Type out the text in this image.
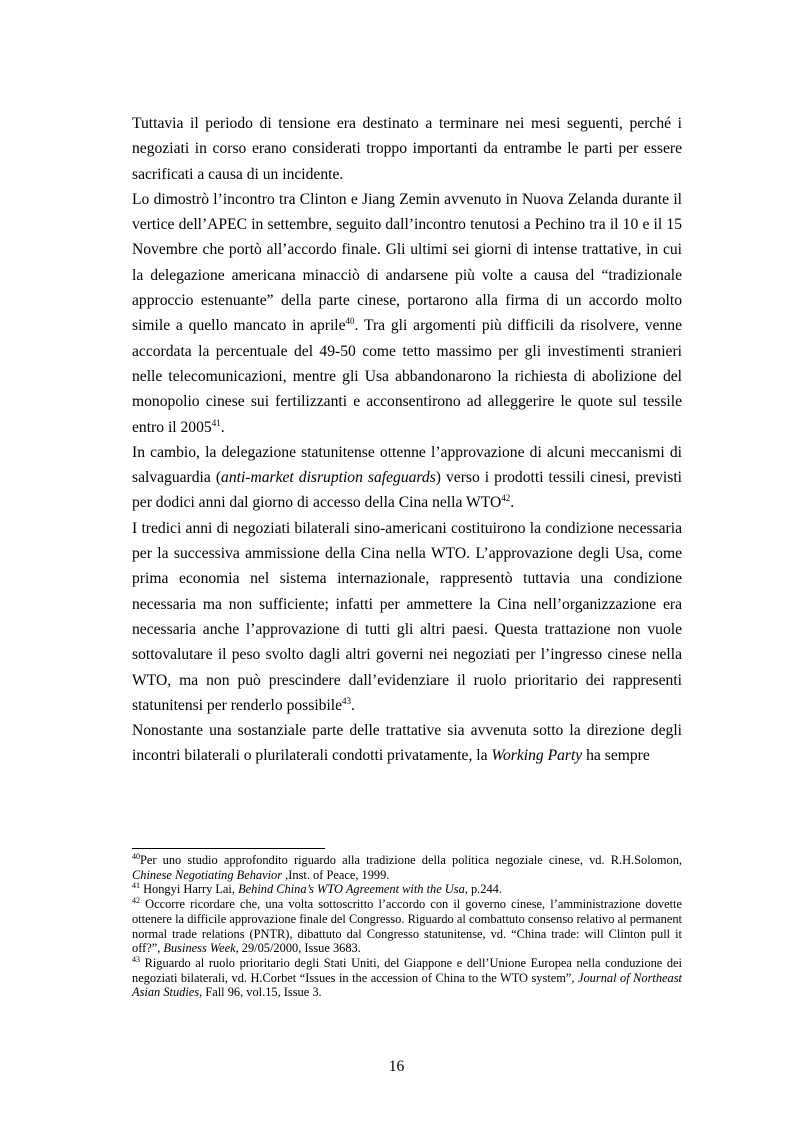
Tuttavia il periodo di tensione era destinato a terminare nei mesi seguenti, perché i negoziati in corso erano considerati troppo importanti da entrambe le parti per essere sacrificati a causa di un incidente.

Lo dimostrò l’incontro tra Clinton e Jiang Zemin avvenuto in Nuova Zelanda durante il vertice dell’APEC in settembre, seguito dall’incontro tenutosi a Pechino tra il 10 e il 15 Novembre che portò all’accordo finale. Gli ultimi sei giorni di intense trattative, in cui la delegazione americana minacciò di andarsene più volte a causa del “tradizionale approccio estenuante” della parte cinese, portarono alla firma di un accordo molto simile a quello mancato in aprile$^{40}$. Tra gli argomenti più difficili da risolvere, venne accordata la percentuale del 49-50 come tetto massimo per gli investimenti stranieri nelle telecomunicazioni, mentre gli Usa abbandonarono la richiesta di abolizione del monopolio cinese sui fertilizzanti e acconsentirono ad alleggerire le quote sul tessile entro il 2005$^{41}$.

In cambio, la delegazione statunitense ottenne l’approvazione di alcuni meccanismi di salvaguardia (anti-market disruption safeguards) verso i prodotti tessili cinesi, previsti per dodici anni dal giorno di accesso della Cina nella WTO$^{42}$.

I tredici anni di negoziati bilaterali sino-americani costituirono la condizione necessaria per la successiva ammissione della Cina nella WTO. L’approvazione degli Usa, come prima economia nel sistema internazionale, rappresentò tuttavia una condizione necessaria ma non sufficiente; infatti per ammettere la Cina nell’organizzazione era necessaria anche l’approvazione di tutti gli altri paesi. Questa trattazione non vuole sottovalutare il peso svolto dagli altri governi nei negoziati per l’ingresso cinese nella WTO, ma non può prescindere dall’evidenziare il ruolo prioritario dei rappresenti statunitensi per renderlo possibile$^{43}$.

Nonostante una sostanziale parte delle trattative sia avvenuta sotto la direzione degli incontri bilaterali o plurilaterali condotti privatamente, la Working Party ha sempre

$^{40}$Per uno studio approfondito riguardo alla tradizione della politica negoziale cinese, vd. R.H.Solomon, Chinese Negotiating Behavior ,Inst. of Peace, 1999.

$^{41}$ Hongyi Harry Lai, Behind China’s WTO Agreement with the Usa, p.244.

$^{42}$ Occorre ricordare che, una volta sottoscritto l’accordo con il governo cinese, l’amministrazione dovette ottenere la difficile approvazione finale del Congresso. Riguardo al combattuto consenso relativo al permanent normal trade relations (PNTR), dibattuto dal Congresso statunitense, vd. “China trade: will Clinton pull it off?”, Business Week, 29/05/2000, Issue 3683.

$^{43}$ Riguardo al ruolo prioritario degli Stati Uniti, del Giappone e dell’Unione Europea nella conduzione dei negoziati bilaterali, vd. H.Corbet “Issues in the accession of China to the WTO system”, Journal of Northeast Asian Studies, Fall 96, vol.15, Issue 3.

16
